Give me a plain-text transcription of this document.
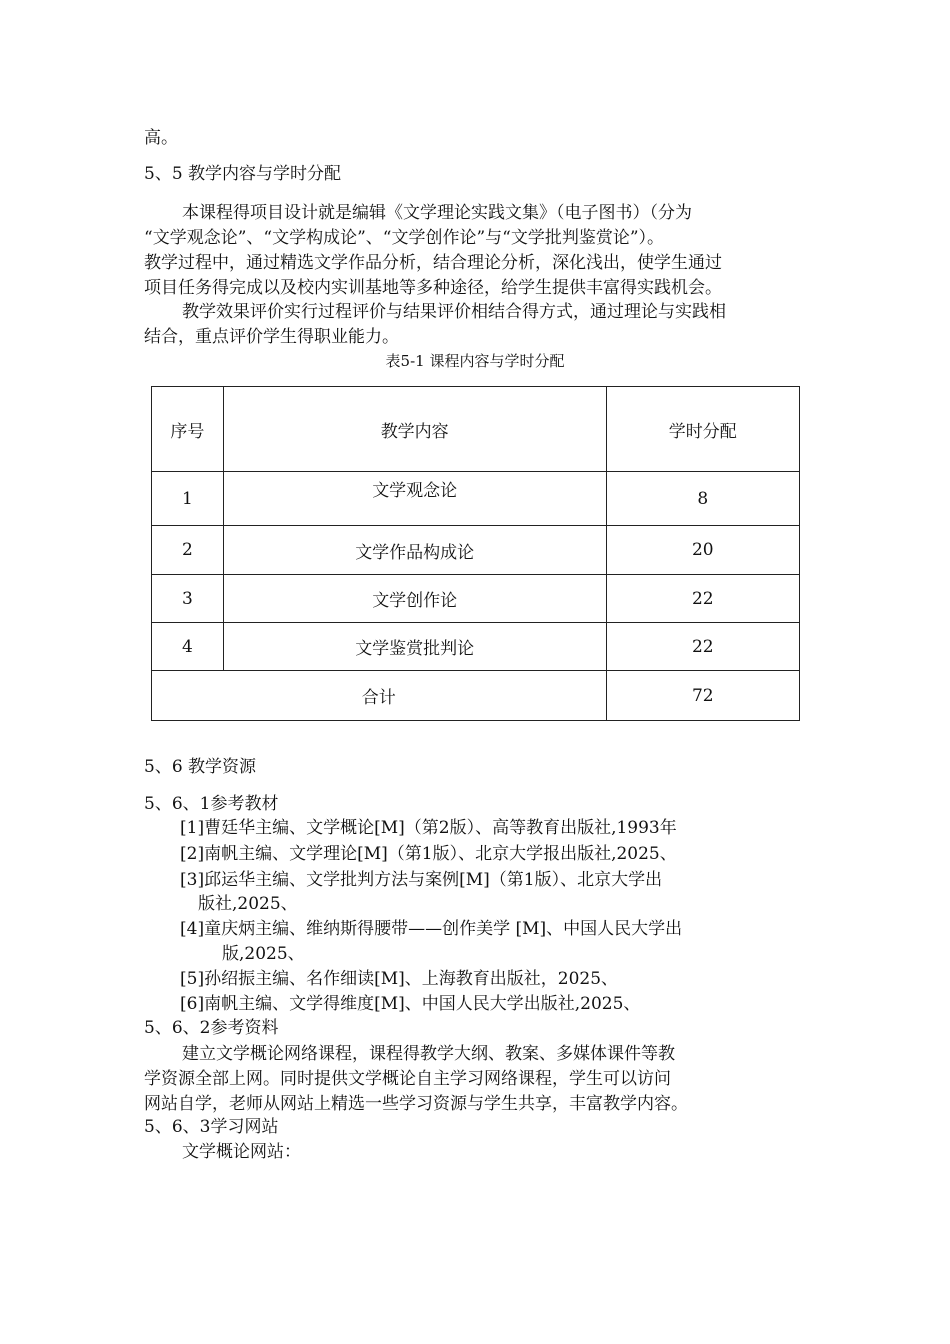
高。
5、5 教学内容与学时分配
本课程得项目设计就是编辑《文学理论实践文集》（电子图书）（分为
“文学观念论”、“文学构成论”、“文学创作论”与“文学批判鉴赏论”）。
教学过程中，通过精选文学作品分析，结合理论分析，深化浅出，使学生通过
项目任务得完成以及校内实训基地等多种途径，给学生提供丰富得实践机会。
教学效果评价实行过程评价与结果评价相结合得方式，通过理论与实践相
结合，重点评价学生得职业能力。
表5-1 课程内容与学时分配
序号	教学内容	学时分配
1	文学观念论	8
2	文学作品构成论	20
3	文学创作论	22
4	文学鉴赏批判论	22
合计		72
5、6 教学资源
5、6、1参考教材
[1]曹廷华主编、文学概论[M]（第2版）、高等教育出版社,1993年
[2]南帆主编、文学理论[M]（第1版）、北京大学报出版社,2025、
[3]邱运华主编、文学批判方法与案例[M]（第1版）、北京大学出
版社,2025、
[4]童庆炳主编、维纳斯得腰带——创作美学 [M]、中国人民大学出
版,2025、
[5]孙绍振主编、名作细读[M]、上海教育出版社，2025、
[6]南帆主编、文学得维度[M]、中国人民大学出版社,2025、
5、6、2参考资料
建立文学概论网络课程，课程得教学大纲、教案、多媒体课件等教
学资源全部上网。同时提供文学概论自主学习网络课程，学生可以访问
网站自学，老师从网站上精选一些学习资源与学生共享，丰富教学内容。
5、6、3学习网站
文学概论网站：
